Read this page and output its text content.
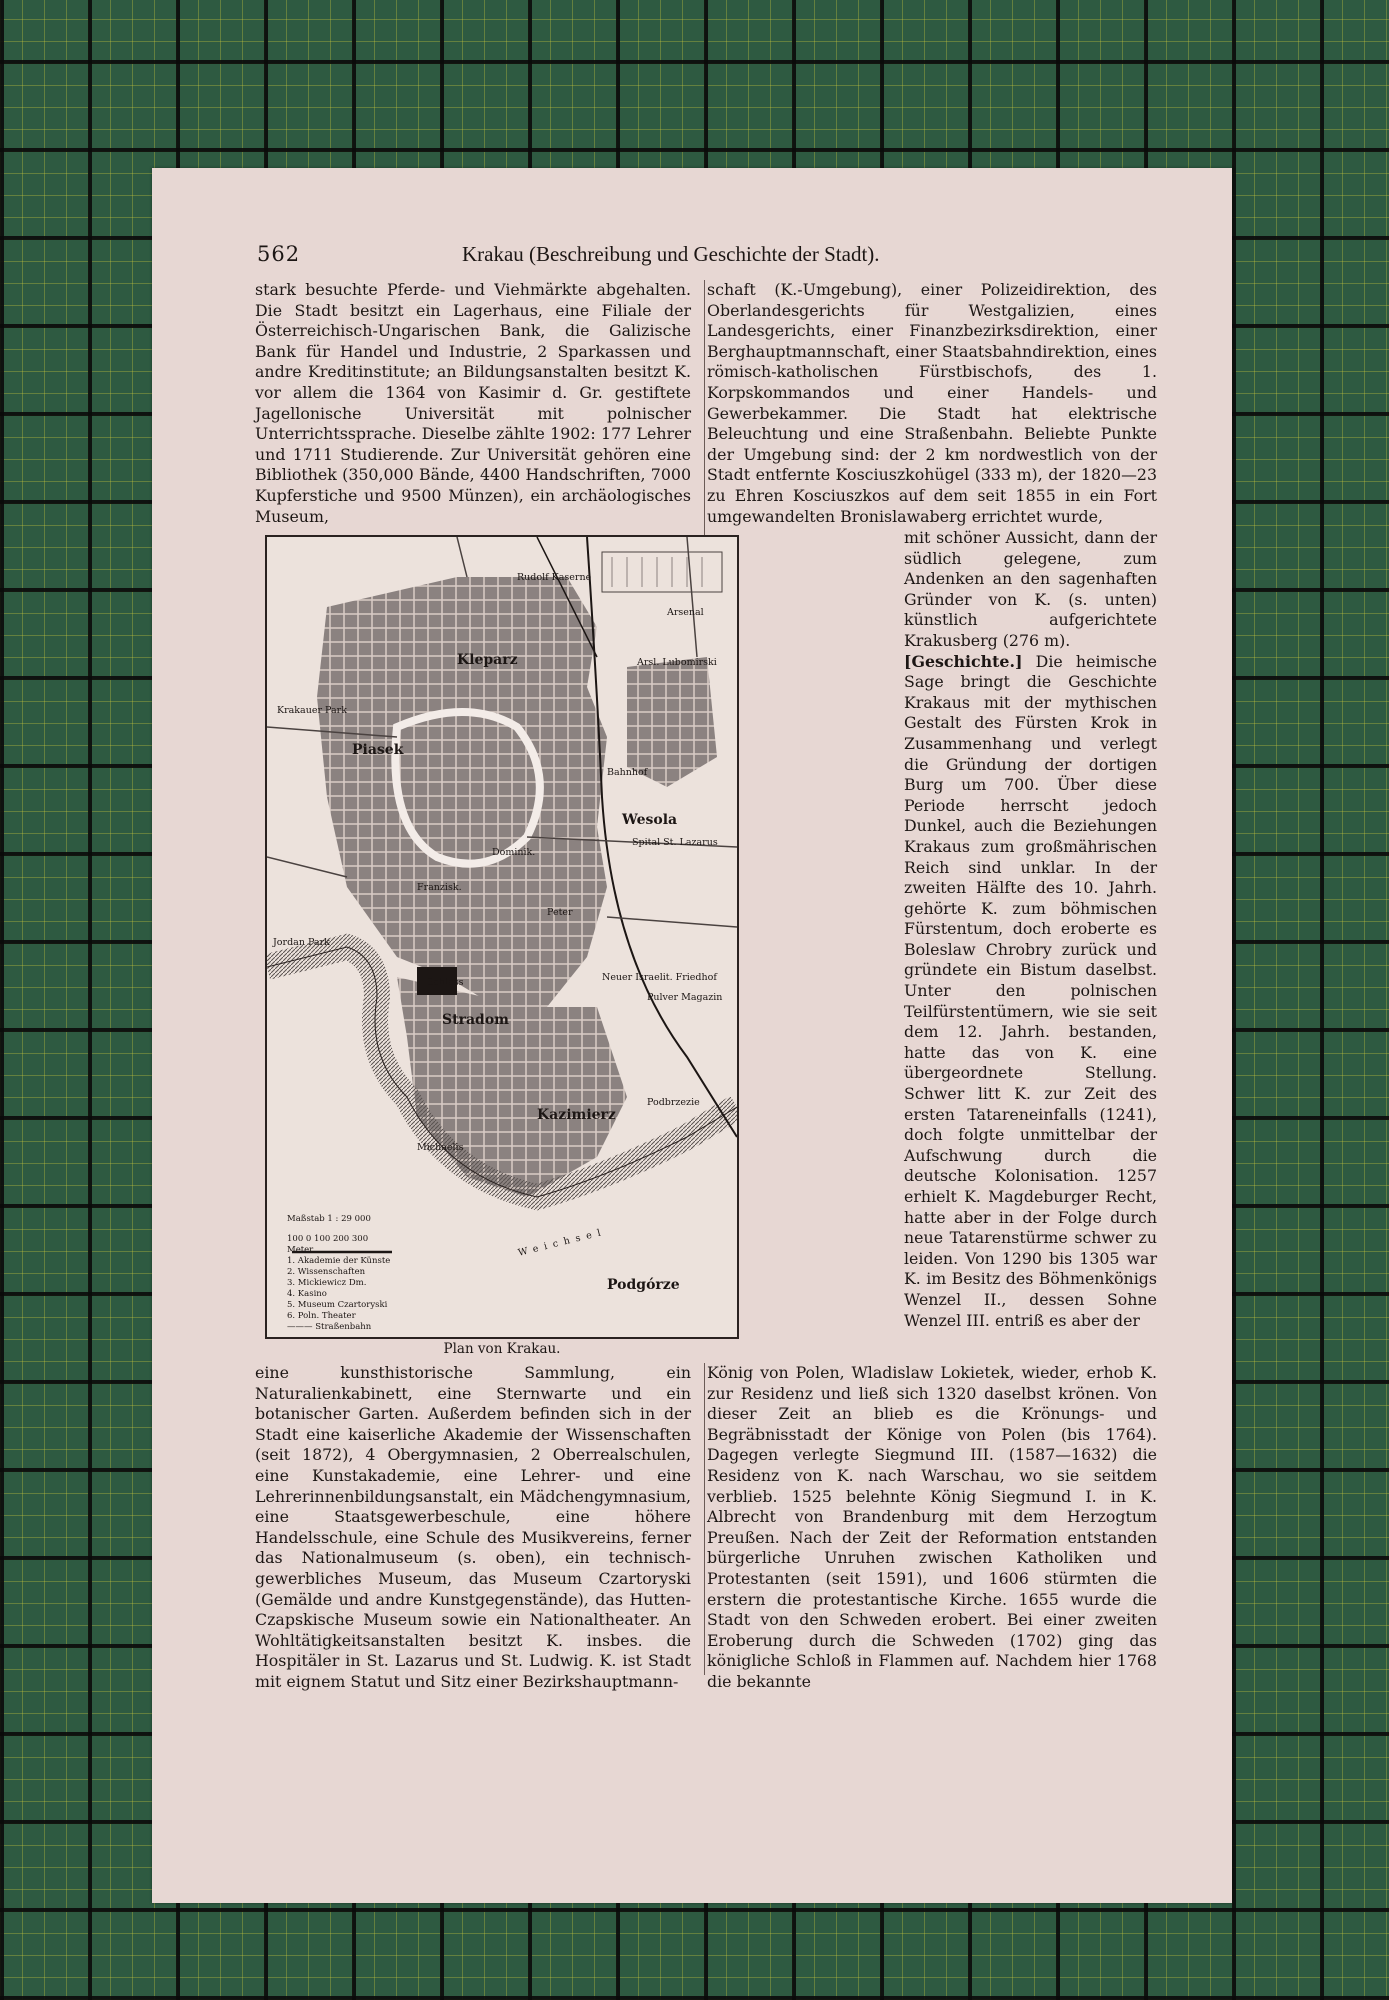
562	Krakau (Beschreibung und Geschichte der Stadt).

stark besuchte Pferde- und Viehmärkte abgehalten. Die Stadt besitzt ein Lagerhaus, eine Filiale der Österreichisch-Ungarischen Bank, die Galizische Bank für Handel und Industrie, 2 Sparkassen und andre Kreditinstitute; an Bildungsanstalten besitzt K. vor allem die 1364 von Kasimir d. Gr. gestiftete Jagellonische Universität mit polnischer Unterrichtssprache. Dieselbe zählte 1902: 177 Lehrer und 1711 Studierende. Zur Universität gehören eine Bibliothek (350,000 Bände, 4400 Handschriften, 7000 Kupferstiche und 9500 Münzen), ein archäologisches Museum,

schaft (K.-Umgebung), einer Polizeidirektion, des Oberlandesgerichts für Westgalizien, eines Landesgerichts, einer Finanzbezirksdirektion, einer Berghauptmannschaft, einer Staatsbahndirektion, eines römisch-katholischen Fürstbischofs, des 1. Korpskommandos und einer Handels- und Gewerbekammer. Die Stadt hat elektrische Beleuchtung und eine Straßenbahn. Beliebte Punkte der Umgebung sind: der 2 km nordwestlich von der Stadt entfernte Kosciuszkohügel (333 m), der 1820—23 zu Ehren Kosciuszkos auf dem seit 1855 in ein Fort umgewandelten Bronislawaberg errichtet wurde,

mit schöner Aussicht, dann der südlich gelegene, zum Andenken an den sagenhaften Gründer von K. (s. unten) künstlich aufgerichtete Krakusberg (276 m).

[Geschichte.] Die heimische Sage bringt die Geschichte Krakaus mit der mythischen Gestalt des Fürsten Krok in Zusammenhang und verlegt die Gründung der dortigen Burg um 700. Über diese Periode herrscht jedoch Dunkel, auch die Beziehungen Krakaus zum großmährischen Reich sind unklar. In der zweiten Hälfte des 10. Jahrh. gehörte K. zum böhmischen Fürstentum, doch eroberte es Boleslaw Chrobry zurück und gründete ein Bistum daselbst. Unter den polnischen Teilfürstentümern, wie sie seit dem 12. Jahrh. bestanden, hatte das von K. eine übergeordnete Stellung. Schwer litt K. zur Zeit des ersten Tatareneinfalls (1241), doch folgte unmittelbar der Aufschwung durch die deutsche Kolonisation. 1257 erhielt K. Magdeburger Recht, hatte aber in der Folge durch neue Tatarenstürme schwer zu leiden. Von 1290 bis 1305 war K. im Besitz des Böhmenkönigs Wenzel II., dessen Sohne Wenzel III. entriß es aber der

Krakauer Park
Jordan Park
Kleparz
Piasek
Wesola
Stradom
Kazimierz
Podgórze
Arsenal
Arsl. Lubomirski
Rudolf Kaserne
Schloss
Bahnhof
Spital St. Lazarus
Pulver Magazin
Neuer Israelit. Friedhof
Dominik.
Peter
Michaelis
Franzisk.
Podbrzezie
Weichsel
Maßstab 1 : 29 000
100 0 100 200 300
Meter
1. Akademie der Künste
2. Wissenschaften
3. Mickiewicz Dm.
4. Kasino
5. Museum Czartoryski
6. Poln. Theater
——— Straßenbahn
Plan von Krakau.

eine kunsthistorische Sammlung, ein Naturalienkabinett, eine Sternwarte und ein botanischer Garten. Außerdem befinden sich in der Stadt eine kaiserliche Akademie der Wissenschaften (seit 1872), 4 Obergymnasien, 2 Oberrealschulen, eine Kunstakademie, eine Lehrer- und eine Lehrerinnenbildungsanstalt, ein Mädchengymnasium, eine Staatsgewerbeschule, eine höhere Handelsschule, eine Schule des Musikvereins, ferner das Nationalmuseum (s. oben), ein technisch-gewerbliches Museum, das Museum Czartoryski (Gemälde und andre Kunstgegenstände), das Hutten-Czapskische Museum sowie ein Nationaltheater. An Wohltätigkeitsanstalten besitzt K. insbes. die Hospitäler in St. Lazarus und St. Ludwig. K. ist Stadt mit eignem Statut und Sitz einer Bezirkshauptmann-

König von Polen, Wladislaw Lokietek, wieder, erhob K. zur Residenz und ließ sich 1320 daselbst krönen. Von dieser Zeit an blieb es die Krönungs- und Begräbnisstadt der Könige von Polen (bis 1764). Dagegen verlegte Siegmund III. (1587—1632) die Residenz von K. nach Warschau, wo sie seitdem verblieb. 1525 belehnte König Siegmund I. in K. Albrecht von Brandenburg mit dem Herzogtum Preußen. Nach der Zeit der Reformation entstanden bürgerliche Unruhen zwischen Katholiken und Protestanten (seit 1591), und 1606 stürmten die erstern die protestantische Kirche. 1655 wurde die Stadt von den Schweden erobert. Bei einer zweiten Eroberung durch die Schweden (1702) ging das königliche Schloß in Flammen auf. Nachdem hier 1768 die bekannte
